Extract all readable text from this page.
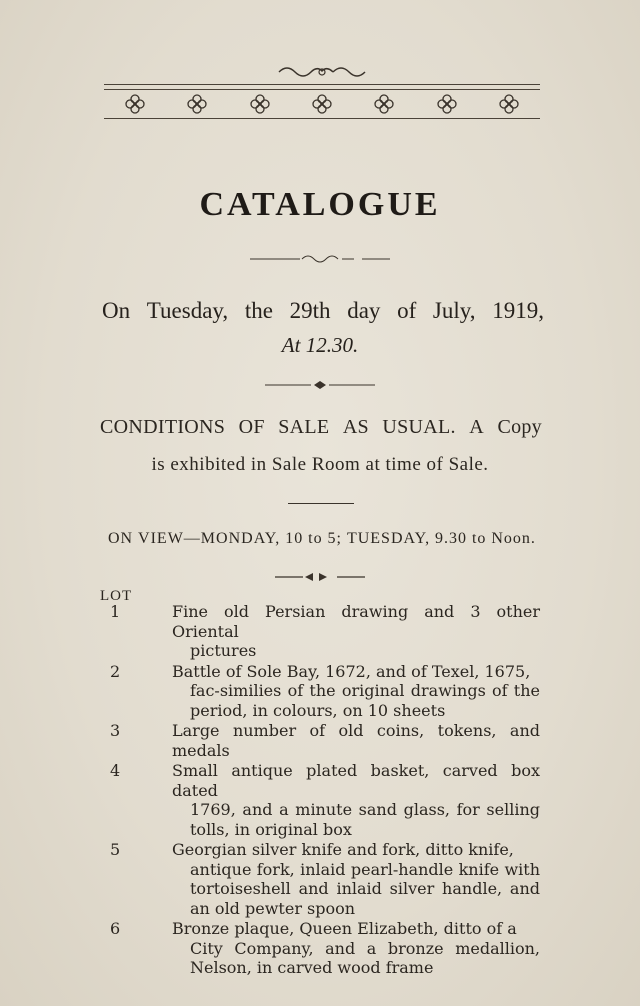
CATALOGUE
On Tuesday, the 29th day of July, 1919,
At 12.30.
CONDITIONS OF SALE AS USUAL. A Copy
is exhibited in Sale Room at time of Sale.
ON VIEW—MONDAY, 10 to 5; TUESDAY, 9.30 to Noon.
LOT
1	Fine old Persian drawing and 3 other Oriental
pictures
2	Battle of Sole Bay, 1672, and of Texel, 1675,
fac-similies of the original drawings of the period, in colours, on 10 sheets
3	Large number of old coins, tokens, and medals
4	Small antique plated basket, carved box dated
1769, and a minute sand glass, for selling tolls, in original box
5	Georgian silver knife and fork, ditto knife,
antique fork, inlaid pearl-handle knife with tortoiseshell and inlaid silver handle, and an old pewter spoon
6	Bronze plaque, Queen Elizabeth, ditto of a
City Company, and a bronze medallion, Nelson, in carved wood frame
